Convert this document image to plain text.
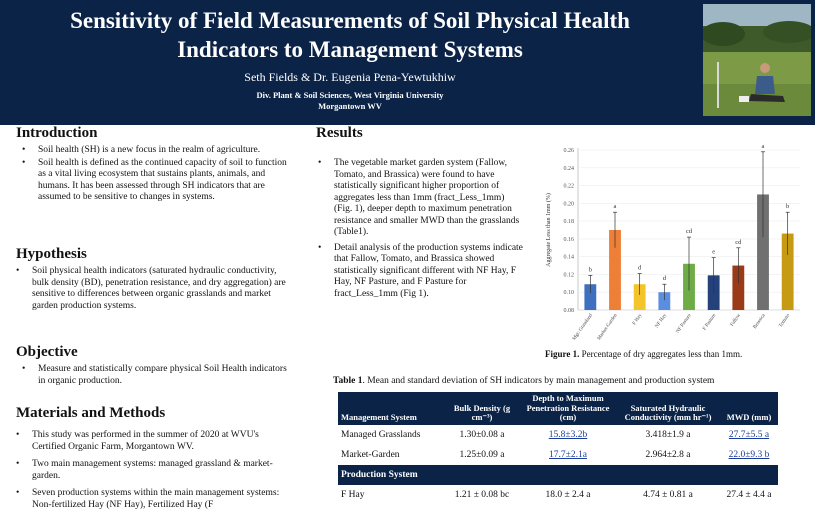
Sensitivity of Field Measurements of Soil Physical Health
Indicators to Management Systems
Seth Fields & Dr. Eugenia Pena-Yewtukhiw
Div. Plant & Soil Sciences, West Virginia University
Morgantown WV
Introduction
• Soil health (SH) is a new focus in the realm of agriculture.
• Soil health is defined as the continued capacity of soil to function as a vital living ecosystem that sustains plants, animals, and humans. It has been assessed through SH indicators that are assumed to be sensitive to changes in systems.
Hypothesis
• Soil physical health indicators (saturated hydraulic conductivity, bulk density (BD), penetration resistance, and dry aggregation) are sensitive to differences between organic grasslands and market garden production systems.
Objective
• Measure and statistically compare physical Soil Health indicators in organic production.
Materials and Methods
• This study was performed in the summer of 2020 at WVU's Certified Organic Farm, Morgantown WV.
• Two main management systems: managed grassland & market-garden.
• Seven production systems within the main management systems: Non-fertilized Hay (NF Hay), Fertilized Hay (F
Results
• The vegetable market garden system (Fallow, Tomato, and Brassica) were found to have statistically significant higher proportion of aggregates less than 1mm (fract_Less_1mm) (Fig. 1), deeper depth to maximum penetration resistance and smaller MWD than the grasslands (Table1).
• Detail analysis of the production systems indicate that Fallow, Tomato, and Brassica showed statistically significant different with NF Hay, F Hay, NF Pasture, and F Pasture for fract_Less_1mm (Fig 1).
0.08
0.10
0.12
0.14
0.16
0.18
0.20
0.22
0.24
0.26
Aggregate Less than 1mm (%)
b
Mgt: Grassland
a
Market-Garden
d
F Hay
d
NF Hay
cd
NF Pasture
e
F Pasture
cd
Fallow
a
Brassica
b
Tomato
Figure 1. Percentage of dry aggregates less than 1mm.
Table 1. Mean and standard deviation of SH indicators by main management and production system
Management System	Bulk Density (g cm⁻³)	Depth to Maximum Penetration Resistance (cm)	Saturated Hydraulic Conductivity (mm hr⁻¹)	MWD (mm)
Managed Grasslands	1.30±0.08 a	15.8±3.2b	3.418±1.9 a	27.7±5.5 a
Market-Garden	1.25±0.09 a	17.7±2.1a	2.964±2.8 a	22.0±9.3 b
Production System				
F Hay	1.21 ± 0.08 bc	18.0 ± 2.4 a	4.74 ± 0.81 a	27.4 ± 4.4 a
